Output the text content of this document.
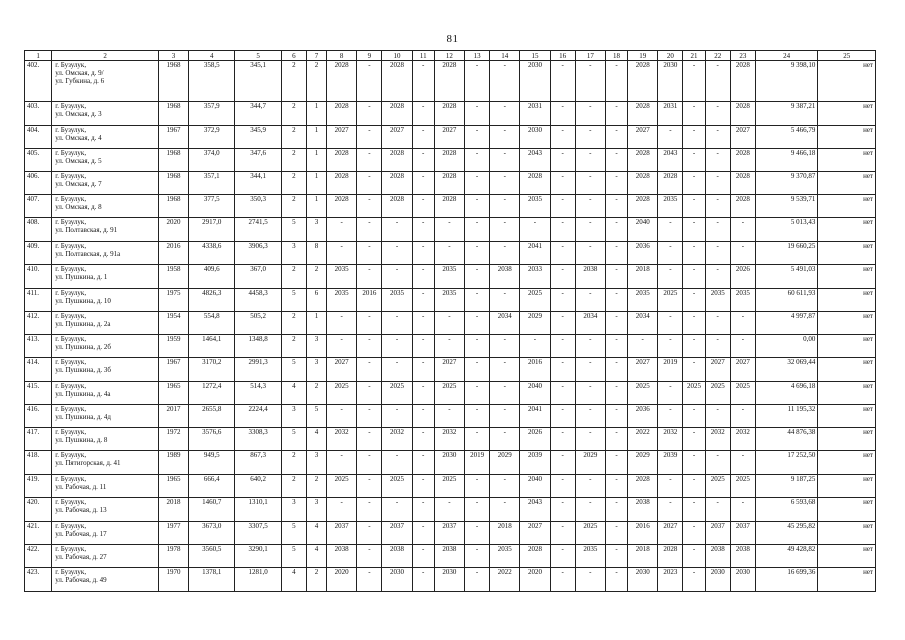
81
1	2	3	4	5	6	7	8	9	10	11	12	13	14	15	16	17	18	19	20	21	22	23	24	25
402.	г. Бузулук,
ул. Омская, д. 9/
ул. Губкина, д. 6	1968	358,5	345,1	2	2	2028	-	2028	-	2028	-	-	2030	-	-	-	2028	2030	-	-	2028	9 398,10	нет
403.	г. Бузулук,
ул. Омская, д. 3	1968	357,9	344,7	2	1	2028	-	2028	-	2028	-	-	2031	-	-	-	2028	2031	-	-	2028	9 387,21	нет
404.	г. Бузулук,
ул. Омская, д. 4	1967	372,9	345,9	2	1	2027	-	2027	-	2027	-	-	2030	-	-	-	2027	-	-	-	2027	5 466,79	нет
405.	г. Бузулук,
ул. Омская, д. 5	1968	374,0	347,6	2	1	2028	-	2028	-	2028	-	-	2043	-	-	-	2028	2043	-	-	2028	9 466,18	нет
406.	г. Бузулук,
ул. Омская, д. 7	1968	357,1	344,1	2	1	2028	-	2028	-	2028	-	-	2028	-	-	-	2028	2028	-	-	2028	9 370,87	нет
407.	г. Бузулук,
ул. Омская, д. 8	1968	377,5	350,3	2	1	2028	-	2028	-	2028	-	-	2035	-	-	-	2028	2035	-	-	2028	9 539,71	нет
408.	г. Бузулук,
ул. Полтавская, д. 91	2020	2917,0	2741,5	5	3	-	-	-	-	-	-	-	-	-	-	-	2040	-	-	-	-	5 013,43	нет
409.	г. Бузулук,
ул. Полтавская, д. 91а	2016	4338,6	3906,3	3	8	-	-	-	-	-	-	-	2041	-	-	-	2036	-	-	-	-	19 660,25	нет
410.	г. Бузулук,
ул. Пушкина, д. 1	1958	409,6	367,0	2	2	2035	-	-	-	2035	-	2038	2033	-	2038	-	2018	-	-	-	2026	5 491,03	нет
411.	г. Бузулук,
ул. Пушкина, д. 10	1975	4826,3	4458,3	5	6	2035	2016	2035	-	2035	-	-	2025	-	-	-	2035	2025	-	2035	2035	60 611,93	нет
412.	г. Бузулук,
ул. Пушкина, д. 2а	1954	554,8	505,2	2	1	-	-	-	-	-	-	2034	2029	-	2034	-	2034	-	-	-	-	4 997,87	нет
413.	г. Бузулук,
ул. Пушкина, д. 2б	1959	1464,1	1348,8	2	3	-	-	-	-	-	-	-	-	-	-	-	-	-	-	-	-	0,00	нет
414.	г. Бузулук,
ул. Пушкина, д. 3б	1967	3170,2	2991,3	5	3	2027	-	-	-	2027	-	-	2016	-	-	-	2027	2019	-	2027	2027	32 069,44	нет
415.	г. Бузулук,
ул. Пушкина, д. 4а	1965	1272,4	514,3	4	2	2025	-	2025	-	2025	-	-	2040	-	-	-	2025	-	2025	2025	2025	4 696,18	нет
416.	г. Бузулук,
ул. Пушкина, д. 4д	2017	2655,8	2224,4	3	5	-	-	-	-	-	-	-	2041	-	-	-	2036	-	-	-	-	11 195,32	нет
417.	г. Бузулук,
ул. Пушкина, д. 8	1972	3576,6	3308,3	5	4	2032	-	2032	-	2032	-	-	2026	-	-	-	2022	2032	-	2032	2032	44 876,38	нет
418.	г. Бузулук,
ул. Пятигорская, д. 41	1989	949,5	867,3	2	3	-	-	-	-	2030	2019	2029	2039	-	2029	-	2029	2039	-	-	-	17 252,50	нет
419.	г. Бузулук,
ул. Рабочая, д. 11	1965	666,4	640,2	2	2	2025	-	2025	-	2025	-	-	2040	-	-	-	2028	-	-	2025	2025	9 187,25	нет
420.	г. Бузулук,
ул. Рабочая, д. 13	2018	1460,7	1310,1	3	3	-	-	-	-	-	-	-	2043	-	-	-	2038	-	-	-	-	6 593,68	нет
421.	г. Бузулук,
ул. Рабочая, д. 17	1977	3673,0	3307,5	5	4	2037	-	2037	-	2037	-	2018	2027	-	2025	-	2016	2027	-	2037	2037	45 295,82	нет
422.	г. Бузулук,
ул. Рабочая, д. 27	1978	3560,5	3290,1	5	4	2038	-	2038	-	2038	-	2035	2028	-	2035	-	2018	2028	-	2038	2038	49 428,82	нет
423.	г. Бузулук,
ул. Рабочая, д. 49	1970	1378,1	1281,0	4	2	2020	-	2030	-	2030	-	2022	2020	-	-	-	2030	2023	-	2030	2030	16 699,36	нет
